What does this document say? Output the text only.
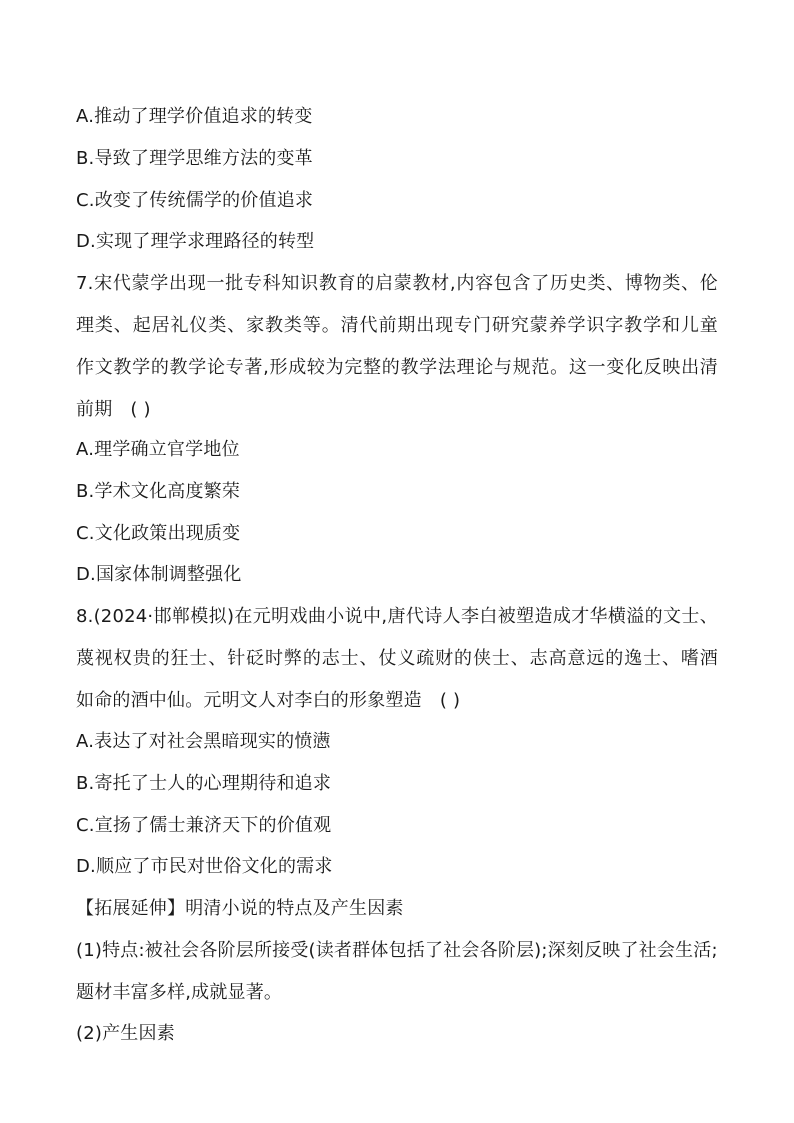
A.推动了理学价值追求的转变
B.导致了理学思维方法的变革
C.改变了传统儒学的价值追求
D.实现了理学求理路径的转型
7.宋代蒙学出现一批专科知识教育的启蒙教材,内容包含了历史类、博物类、伦
理类、起居礼仪类、家教类等。清代前期出现专门研究蒙养学识字教学和儿童
作文教学的教学论专著,形成较为完整的教学法理论与规范。这一变化反映出清
前期 ( )
A.理学确立官学地位
B.学术文化高度繁荣
C.文化政策出现质变
D.国家体制调整强化
8.(2024·邯郸模拟)在元明戏曲小说中,唐代诗人李白被塑造成才华横溢的文士、
蔑视权贵的狂士、针砭时弊的志士、仗义疏财的侠士、志高意远的逸士、嗜酒
如命的酒中仙。元明文人对李白的形象塑造 ( )
A.表达了对社会黑暗现实的愤懑
B.寄托了士人的心理期待和追求
C.宣扬了儒士兼济天下的价值观
D.顺应了市民对世俗文化的需求
【拓展延伸】明清小说的特点及产生因素
(1)特点:被社会各阶层所接受(读者群体包括了社会各阶层);深刻反映了社会生活;
题材丰富多样,成就显著。
(2)产生因素
